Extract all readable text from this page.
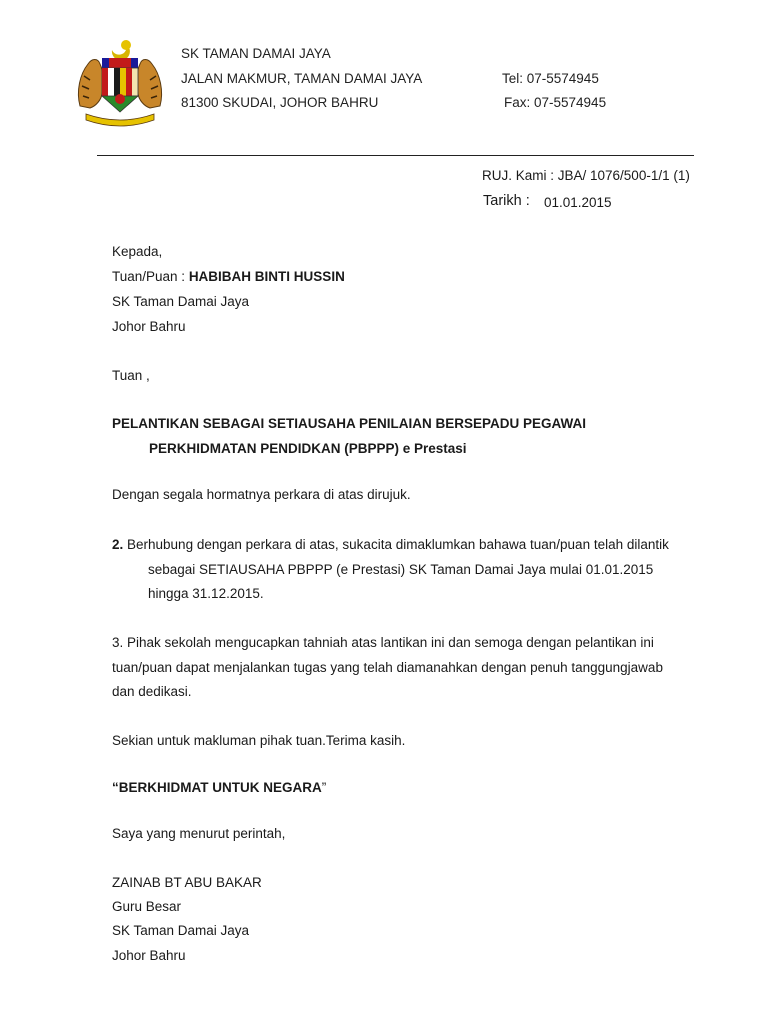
SK TAMAN DAMAI JAYA
JALAN MAKMUR, TAMAN DAMAI JAYA
81300 SKUDAI, JOHOR BAHRU
Tel: 07-5574945
Fax: 07-5574945
RUJ. Kami : JBA/ 1076/500-1/1 (1)
Tarikh : 01.01.2015
Kepada,
Tuan/Puan : HABIBAH BINTI HUSSIN
SK Taman Damai Jaya
Johor Bahru
Tuan ,
PELANTIKAN SEBAGAI SETIAUSAHA PENILAIAN BERSEPADU PEGAWAI
PERKHIDMATAN PENDIDKAN (PBPPP) e Prestasi
Dengan segala hormatnya perkara di atas dirujuk.
2. Berhubung dengan perkara di atas, sukacita dimaklumkan bahawa tuan/puan telah dilantik
sebagai SETIAUSAHA PBPPP (e Prestasi) SK Taman Damai Jaya mulai 01.01.2015
hingga 31.12.2015.
3. Pihak sekolah mengucapkan tahniah atas lantikan ini dan semoga dengan pelantikan ini
tuan/puan dapat menjalankan tugas yang telah diamanahkan dengan penuh tanggungjawab
dan dedikasi.
Sekian untuk makluman pihak tuan.Terima kasih.
“BERKHIDMAT UNTUK NEGARA”
Saya yang menurut perintah,
ZAINAB BT ABU BAKAR
Guru Besar
SK Taman Damai Jaya
Johor Bahru
